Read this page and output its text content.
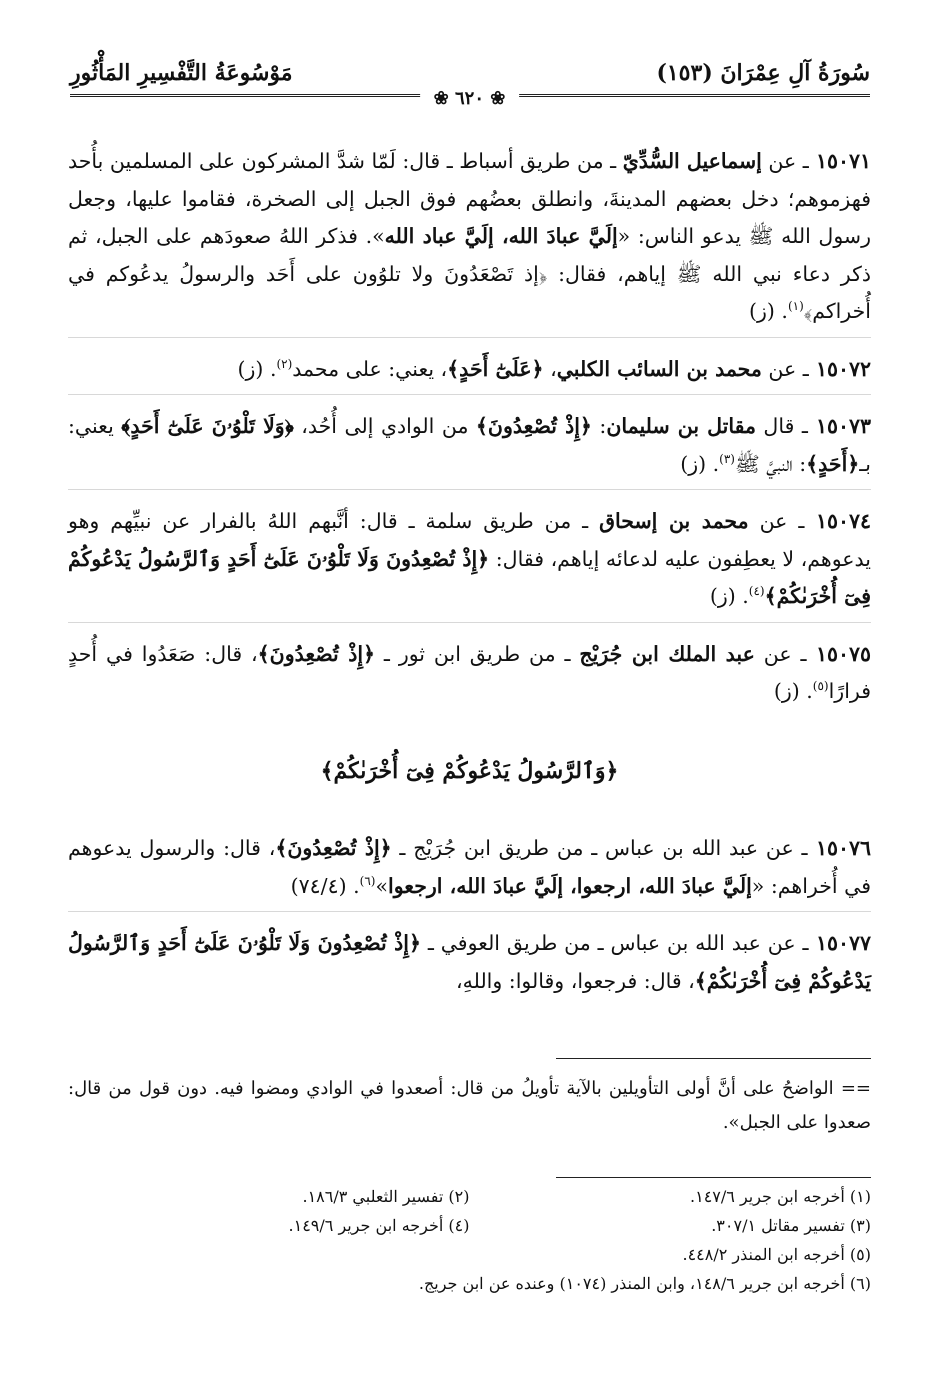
سُورَةُ آلِ عِمْرَانَ (١٥٣)
مَوْسُوعَةُ التَّفْسِيرِ المَأْثُورِ
❀ ٦٢٠ ❀

١٥٠٧١ ـ عن إسماعيل السُّدِّيّ ـ من طريق أسباط ـ قال: لَمّا شدَّ المشركون على المسلمين بأُحد فهزموهم؛ دخل بعضهم المدينةَ، وانطلق بعضُهم فوق الجبل إلى الصخرة، فقاموا عليها، وجعل رسول الله ﷺ يدعو الناس: «إلَيَّ عبادَ الله، إلَيَّ عباد الله». فذكر اللهُ صعودَهم على الجبل، ثم ذكر دعاء نبي الله ﷺ إياهم، فقال: ﴿إذ تَصْعَدُونَ ولا تلوُون على أَحَد والرسولُ يدعُوكم في أُخراكم﴾$^{(١)}$. (ز)

١٥٠٧٢ ـ عن محمد بن السائب الكلبي، ﴿عَلَىٰٓ أَحَدٍ﴾، يعني: على محمد$^{(٢)}$. (ز)

١٥٠٧٣ ـ قال مقاتل بن سليمان: ﴿إِذْ تُصْعِدُونَ﴾ من الوادي إلى أُحُد، ﴿وَلَا تَلْوُۥنَ عَلَىٰٓ أَحَدٍ﴾ يعني: بـ﴿أَحَدٍ﴾: النبيَّ ﷺ$^{(٣)}$. (ز)

١٥٠٧٤ ـ عن محمد بن إسحاق ـ من طريق سلمة ـ قال: أنَّبهم اللهُ بالفرار عن نبيِّهم وهو يدعوهم، لا يعطِفون عليه لدعائه إياهم، فقال: ﴿إِذْ تُصْعِدُونَ وَلَا تَلْوُۥنَ عَلَىٰٓ أَحَدٍ وَٱلرَّسُولُ يَدْعُوكُمْ فِىٓ أُخْرَىٰكُمْ﴾$^{(٤)}$. (ز)

١٥٠٧٥ ـ عن عبد الملك ابن جُرَيْج ـ من طريق ابن ثور ـ ﴿إِذْ تُصْعِدُونَ﴾، قال: صَعَدُوا في أُحدٍ فرارًا$^{(٥)}$. (ز)

﴿وَٱلرَّسُولُ يَدْعُوكُمْ فِىٓ أُخْرَىٰكُمْ﴾

١٥٠٧٦ ـ عن عبد الله بن عباس ـ من طريق ابن جُرَيْج ـ ﴿إِذْ تُصْعِدُونَ﴾، قال: والرسول يدعوهم في أُخراهم: «إلَيَّ عبادَ الله، ارجعوا، إلَيَّ عبادَ الله، ارجعوا»$^{(٦)}$. (٧٤/٤)

١٥٠٧٧ ـ عن عبد الله بن عباس ـ من طريق العوفي ـ ﴿إِذْ تُصْعِدُونَ وَلَا تَلْوُۥنَ عَلَىٰٓ أَحَدٍ وَٱلرَّسُولُ يَدْعُوكُمْ فِىٓ أُخْرَىٰكُمْ﴾، قال: فرجعوا، وقالوا: واللهِ،

== الواضحُ على أنَّ أولى التأويلين بالآية تأويلُ من قال: أصعدوا في الوادي ومضوا فيه. دون قول من قال: صعدوا على الجبل».
(١) أخرجه ابن جرير ١٤٧/٦.
(٢) تفسير الثعلبي ١٨٦/٣.
(٣) تفسير مقاتل ٣٠٧/١.
(٤) أخرجه ابن جرير ١٤٩/٦.
(٥) أخرجه ابن المنذر ٤٤٨/٢.
(٦) أخرجه ابن جرير ١٤٨/٦، وابن المنذر (١٠٧٤) وعنده عن ابن جريج.
